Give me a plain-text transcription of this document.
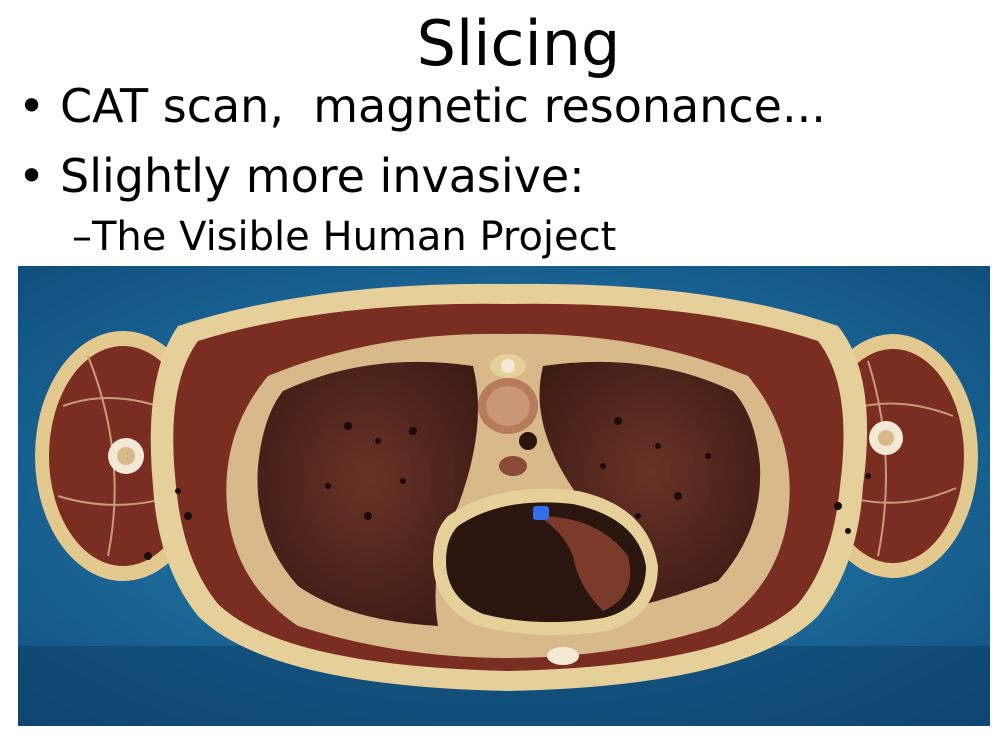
Slicing
• CAT scan,  magnetic resonance...
• Slightly more invasive:
–The Visible Human Project
